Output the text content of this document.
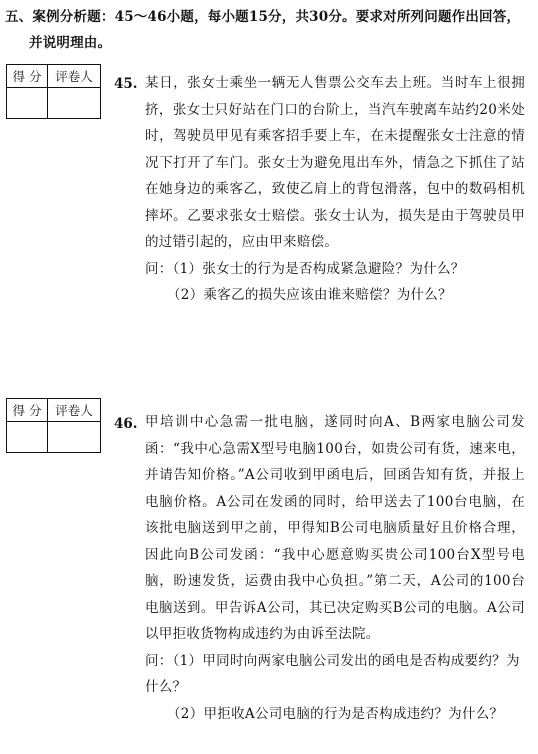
五、案例分析题：45～46小题，每小题15分，共30分。要求对所列问题作出回答，
并说明理由。
得 分	评卷人
	45. 某日，张女士乘坐一辆无人售票公交车去上班。当时车上很拥挤，张女士只好站在门口的台阶上，当汽车驶离车站约20米处时，驾驶员甲见有乘客招手要上车，在未提醒张女士注意的情况下打开了车门。张女士为避免甩出车外，情急之下抓住了站在她身边的乘客乙，致使乙肩上的背包滑落，包中的数码相机摔坏。乙要求张女士赔偿。张女士认为，损失是由于驾驶员甲的过错引起的，应由甲来赔偿。

问：（1）张女士的行为是否构成紧急避险？为什么？
（2）乘客乙的损失应该由谁来赔偿？为什么？
得 分	评卷人

46. 甲培训中心急需一批电脑，遂同时向A、B两家电脑公司发函：“我中心急需X型号电脑100台，如贵公司有货，速来电，并请告知价格。”A公司收到甲函电后，回函告知有货，并报上电脑价格。A公司在发函的同时，给甲送去了100台电脑，在该批电脑送到甲之前，甲得知B公司电脑质量好且价格合理，因此向B公司发函：“我中心愿意购买贵公司100台X型号电脑，盼速发货，运费由我中心负担。”第二天，A公司的100台电脑送到。甲告诉A公司，其已决定购买B公司的电脑。A公司以甲拒收货物构成违约为由诉至法院。

问：（1）甲同时向两家电脑公司发出的函电是否构成要约？为
什么？
（2）甲拒收A公司电脑的行为是否构成违约？为什么？
